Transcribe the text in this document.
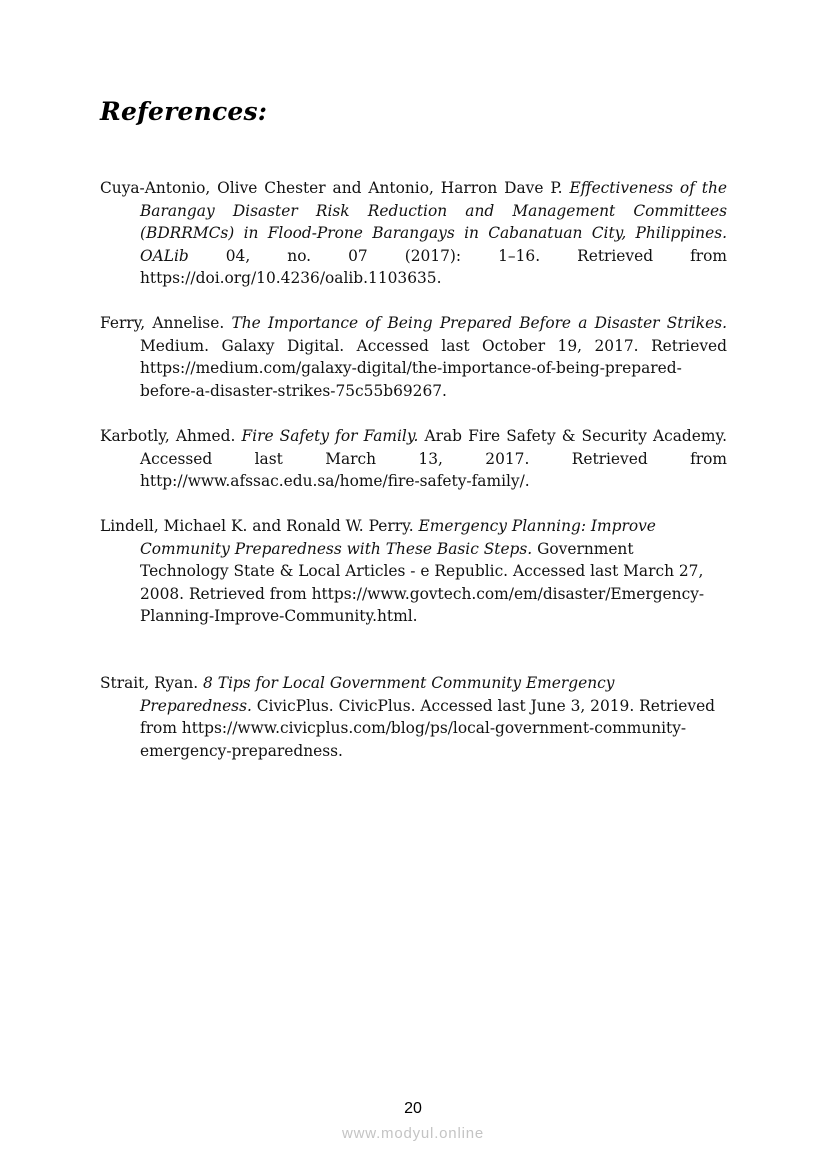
References:

Cuya-Antonio, Olive Chester and Antonio, Harron Dave P. Effectiveness of the Barangay Disaster Risk Reduction and Management Committees (BDRRMCs) in Flood-Prone Barangays in Cabanatuan City, Philippines. OALib 04, no. 07 (2017): 1–16. Retrieved from https://doi.org/10.4236/oalib.1103635.

Ferry, Annelise. The Importance of Being Prepared Before a Disaster Strikes. Medium. Galaxy Digital. Accessed last October 19, 2017. Retrieved https://medium.com/galaxy-digital/the-importance-of-being-prepared-before-a-disaster-strikes-75c55b69267.

Karbotly, Ahmed. Fire Safety for Family. Arab Fire Safety & Security Academy. Accessed last March 13, 2017. Retrieved from http://www.afssac.edu.sa/home/fire-safety-family/.

Lindell, Michael K. and Ronald W. Perry. Emergency Planning: Improve Community Preparedness with These Basic Steps. Government Technology State & Local Articles - e Republic. Accessed last March 27, 2008. Retrieved from https://www.govtech.com/em/disaster/Emergency-Planning-Improve-Community.html.

Strait, Ryan. 8 Tips for Local Government Community Emergency Preparedness. CivicPlus. CivicPlus. Accessed last June 3, 2019. Retrieved from https://www.civicplus.com/blog/ps/local-government-community-emergency-preparedness.

20
www.modyul.online
